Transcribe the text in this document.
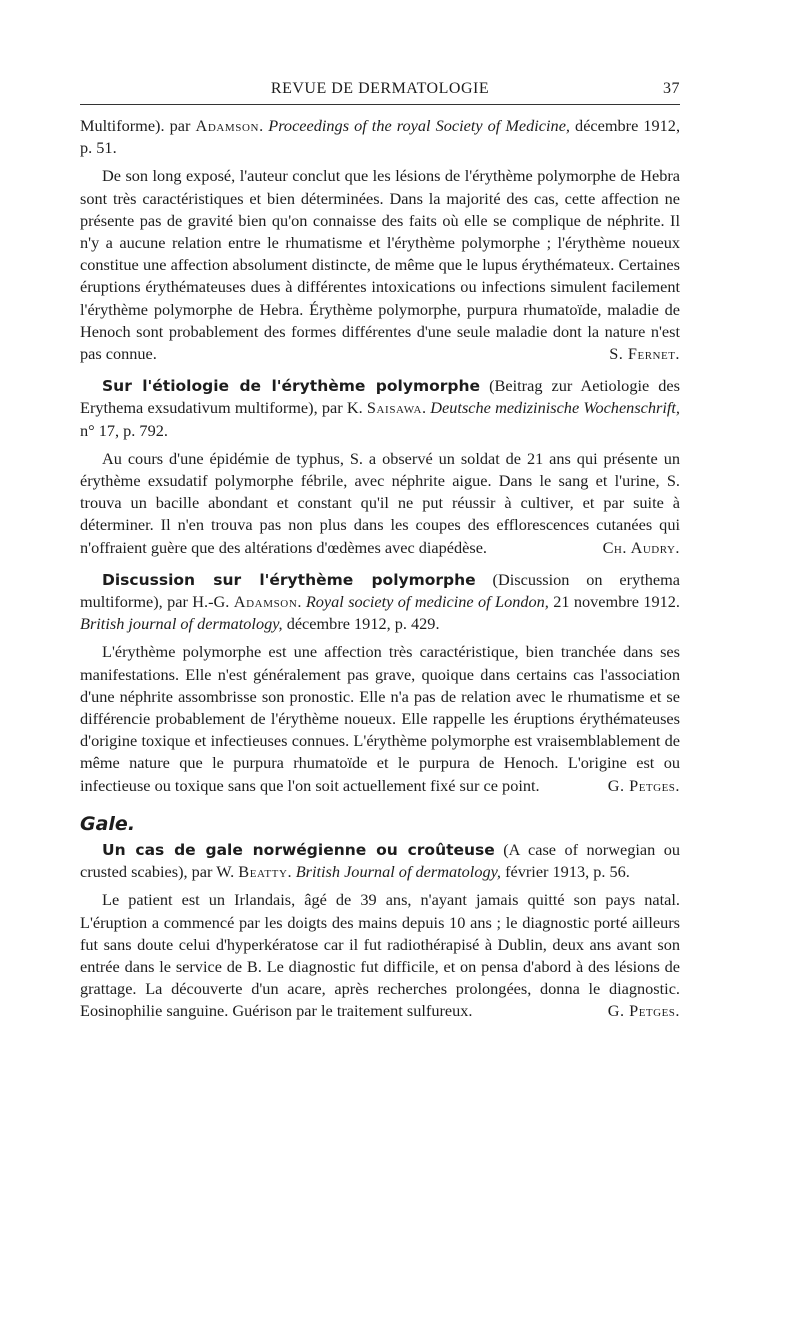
REVUE DE DERMATOLOGIE	37

Multiforme). par Adamson. Proceedings of the royal Society of Medicine, décembre 1912, p. 51.

De son long exposé, l'auteur conclut que les lésions de l'érythème polymorphe de Hebra sont très caractéristiques et bien déterminées. Dans la majorité des cas, cette affection ne présente pas de gravité bien qu'on connaisse des faits où elle se complique de néphrite. Il n'y a aucune relation entre le rhumatisme et l'érythème polymorphe ; l'érythème noueux constitue une affection absolument distincte, de même que le lupus érythémateux. Certaines éruptions érythémateuses dues à différentes intoxications ou infections simulent facilement l'érythème polymorphe de Hebra. Érythème polymorphe, purpura rhumatoïde, maladie de Henoch sont probablement des formes différentes d'une seule maladie dont la nature n'est pas connue.	S. Fernet.

Sur l'étiologie de l'érythème polymorphe (Beitrag zur Aetiologie des Erythema exsudativum multiforme), par K. Saisawa. Deutsche medizinische Wochenschrift, n° 17, p. 792.

Au cours d'une épidémie de typhus, S. a observé un soldat de 21 ans qui présente un érythème exsudatif polymorphe fébrile, avec néphrite aigue. Dans le sang et l'urine, S. trouva un bacille abondant et constant qu'il ne put réussir à cultiver, et par suite à déterminer. Il n'en trouva pas non plus dans les coupes des efflorescences cutanées qui n'offraient guère que des altérations d'œdèmes avec diapédèse.	Ch. Audry.

Discussion sur l'érythème polymorphe (Discussion on erythema multiforme), par H.-G. Adamson. Royal society of medicine of London, 21 novembre 1912. British journal of dermatology, décembre 1912, p. 429.

L'érythème polymorphe est une affection très caractéristique, bien tranchée dans ses manifestations. Elle n'est généralement pas grave, quoique dans certains cas l'association d'une néphrite assombrisse son pronostic. Elle n'a pas de relation avec le rhumatisme et se différencie probablement de l'érythème noueux. Elle rappelle les éruptions érythémateuses d'origine toxique et infectieuses connues. L'érythème polymorphe est vraisemblablement de même nature que le purpura rhumatoïde et le purpura de Henoch. L'origine est ou infectieuse ou toxique sans que l'on soit actuellement fixé sur ce point.	G. Petges.

Gale.

Un cas de gale norwégienne ou croûteuse (A case of norwegian ou crusted scabies), par W. Beatty. British Journal of dermatology, février 1913, p. 56.

Le patient est un Irlandais, âgé de 39 ans, n'ayant jamais quitté son pays natal. L'éruption a commencé par les doigts des mains depuis 10 ans ; le diagnostic porté ailleurs fut sans doute celui d'hyperkératose car il fut radiothérapisé à Dublin, deux ans avant son entrée dans le service de B. Le diagnostic fut difficile, et on pensa d'abord à des lésions de grattage. La découverte d'un acare, après recherches prolongées, donna le diagnostic. Eosinophilie sanguine. Guérison par le traitement sulfureux.	G. Petges.
